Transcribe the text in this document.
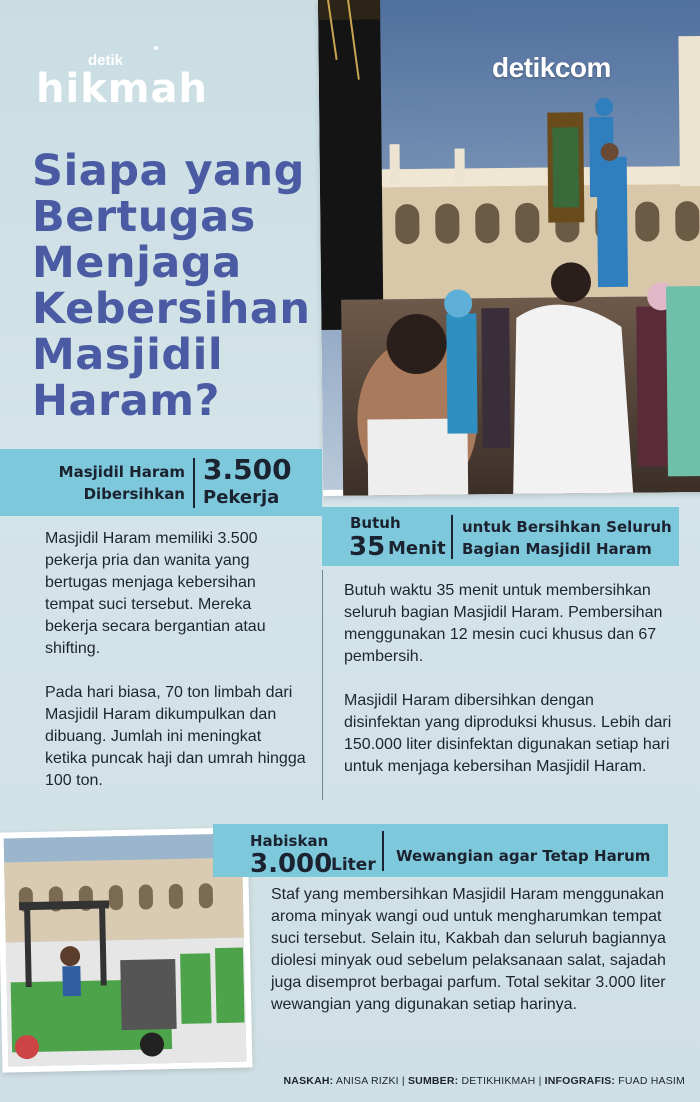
detik
hikmah	detikcom
Siapa yang
Bertugas
Menjaga
Kebersihan
Masjidil
Haram?
Masjidil Haram
Dibersihkan
3.500
Pekerja
Masjidil Haram memiliki 3.500 pekerja pria dan wanita yang bertugas menjaga kebersihan tempat suci tersebut. Mereka bekerja secara bergantian atau shifting.
Pada hari biasa, 70 ton limbah dari Masjidil Haram dikumpulkan dan dibuang. Jumlah ini meningkat ketika puncak haji dan umrah hingga 100 ton.
Butuh
35 Menit
untuk Bersihkan Seluruh
Bagian Masjidil Haram
Butuh waktu 35 menit untuk membersihkan seluruh bagian Masjidil Haram. Pembersihan menggunakan 12 mesin cuci khusus dan 67 pembersih.
Masjidil Haram dibersihkan dengan disinfektan yang diproduksi khusus. Lebih dari 150.000 liter disinfektan digunakan setiap hari untuk menjaga kebersihan Masjidil Haram.
Habiskan
3.000
Liter Wewangian agar Tetap Harum
Staf yang membersihkan Masjidil Haram menggunakan aroma minyak wangi oud untuk mengharumkan tempat suci tersebut. Selain itu, Kakbah dan seluruh bagiannya diolesi minyak oud sebelum pelaksanaan salat, sajadah juga disemprot berbagai parfum. Total sekitar 3.000 liter wewangian yang digunakan setiap harinya.
NASKAH: ANISA RIZKI | SUMBER: DETIKHIKMAH | INFOGRAFIS: FUAD HASIM
